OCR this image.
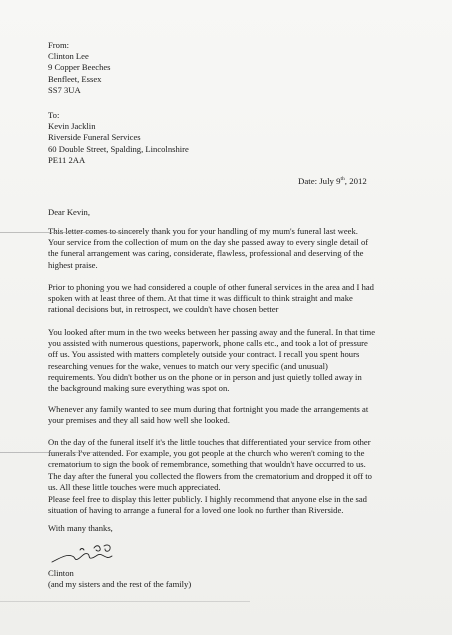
From:
Clinton Lee
9 Copper Beeches
Benfleet, Essex
SS7 3UA
To:
Kevin Jacklin
Riverside Funeral Services
60 Double Street, Spalding, Lincolnshire
PE11 2AA
Date: July 9th, 2012
Dear Kevin,
This letter comes to sincerely thank you for your handling of my mum's funeral last week.
Your service from the collection of mum on the day she passed away to every single detail of
the funeral arrangement was caring, considerate, flawless, professional and deserving of the
highest praise.
Prior to phoning you we had considered a couple of other funeral services in the area and I had
spoken with at least three of them. At that time it was difficult to think straight and make
rational decisions but, in retrospect, we couldn't have chosen better
You looked after mum in the two weeks between her passing away and the funeral. In that time
you assisted with numerous questions, paperwork, phone calls etc., and took a lot of pressure
off us. You assisted with matters completely outside your contract. I recall you spent hours
researching venues for the wake, venues to match our very specific (and unusual)
requirements. You didn't bother us on the phone or in person and just quietly tolled away in
the background making sure everything was spot on.
Whenever any family wanted to see mum during that fortnight you made the arrangements at
your premises and they all said how well she looked.
On the day of the funeral itself it's the little touches that differentiated your service from other
funerals I've attended. For example, you got people at the church who weren't coming to the
crematorium to sign the book of remembrance, something that wouldn't have occurred to us.
The day after the funeral you collected the flowers from the crematorium and dropped it off to
us. All these little touches were much appreciated.
Please feel free to display this letter publicly. I highly recommend that anyone else in the sad
situation of having to arrange a funeral for a loved one look no further than Riverside.
With many thanks,
Clinton
(and my sisters and the rest of the family)
